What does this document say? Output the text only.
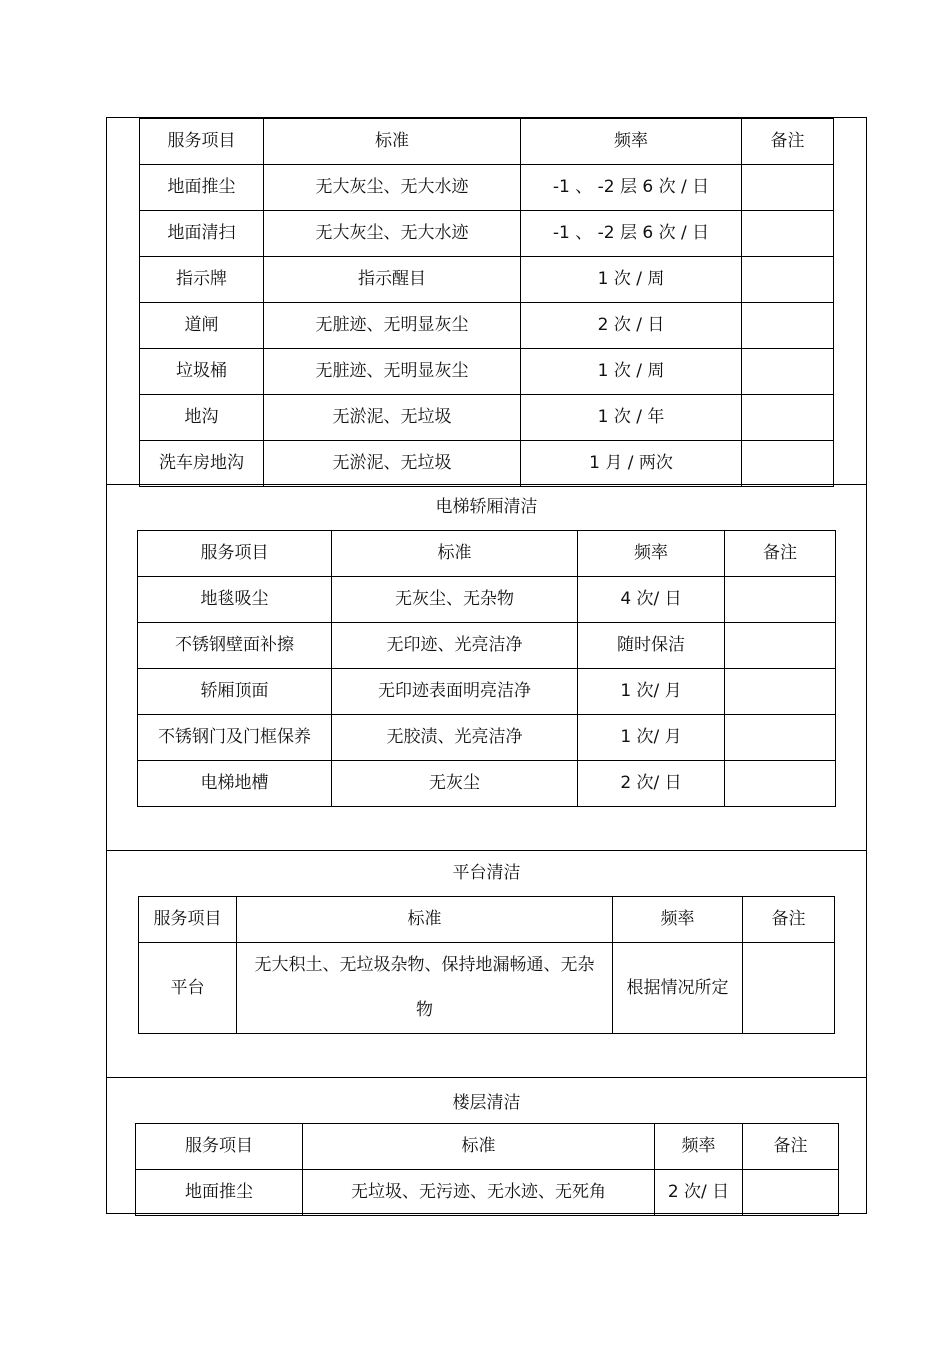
服务项目	标准	频率	备注
地面推尘	无大灰尘、无大水迹	-1 、 -2 层 6 次 / 日	
地面清扫	无大灰尘、无大水迹	-1 、 -2 层 6 次 / 日	
指示牌	指示醒目	1 次 / 周	
道闸	无脏迹、无明显灰尘	2 次 / 日	
垃圾桶	无脏迹、无明显灰尘	1 次 / 周	
地沟	无淤泥、无垃圾	1 次 / 年	
洗车房地沟	无淤泥、无垃圾	1 月 / 两次	
电梯轿厢清洁
服务项目	标准	频率	备注
地毯吸尘	无灰尘、无杂物	4 次/ 日	
不锈钢壁面补擦	无印迹、光亮洁净	随时保洁	
轿厢顶面	无印迹表面明亮洁净	1 次/ 月	
不锈钢门及门框保养	无胶渍、光亮洁净	1 次/ 月	
电梯地槽	无灰尘	2 次/ 日	
平台清洁
服务项目	标准	频率	备注
平台	无大积土、无垃圾杂物、保持地漏畅通、无杂物	根据情况所定	
楼层清洁
服务项目	标准	频率	备注
地面推尘	无垃圾、无污迹、无水迹、无死角	2 次/ 日	
